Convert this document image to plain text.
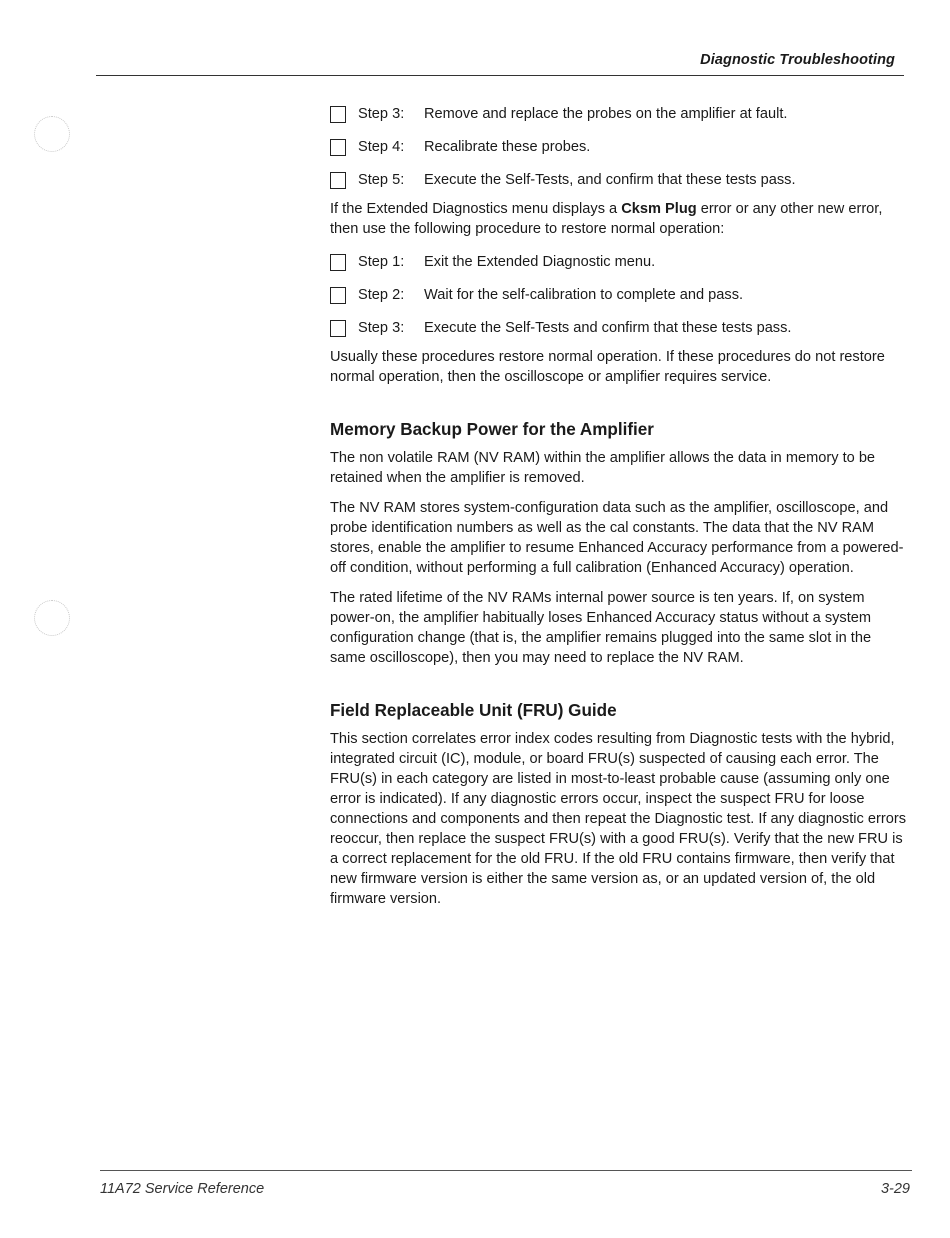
Diagnostic Troubleshooting
Step 3:	Remove and replace the probes on the amplifier at fault.
Step 4:	Recalibrate these probes.
Step 5:	Execute the Self-Tests, and confirm that these tests pass.

If the Extended Diagnostics menu displays a Cksm Plug error or any other new error, then use the following procedure to restore normal operation:

Step 1:	Exit the Extended Diagnostic menu.
Step 2:	Wait for the self-calibration to complete and pass.
Step 3:	Execute the Self-Tests and confirm that these tests pass.

Usually these procedures restore normal operation. If these procedures do not restore normal operation, then the oscilloscope or amplifier requires service.

Memory Backup Power for the Amplifier

The non volatile RAM (NV RAM) within the amplifier allows the data in memory to be retained when the amplifier is removed.

The NV RAM stores system-configuration data such as the amplifier, oscilloscope, and probe identification numbers as well as the cal constants. The data that the NV RAM stores, enable the amplifier to resume Enhanced Accuracy performance from a powered-off condition, without performing a full calibration (Enhanced Accuracy) operation.

The rated lifetime of the NV RAMs internal power source is ten years. If, on system power-on, the amplifier habitually loses Enhanced Accuracy status without a system configuration change (that is, the amplifier remains plugged into the same slot in the same oscilloscope), then you may need to replace the NV RAM.

Field Replaceable Unit (FRU) Guide

This section correlates error index codes resulting from Diagnostic tests with the hybrid, integrated circuit (IC), module, or board FRU(s) suspected of causing each error. The FRU(s) in each category are listed in most-to-least probable cause (assuming only one error is indicated). If any diagnostic errors occur, inspect the suspect FRU for loose connections and components and then repeat the Diagnostic test. If any diagnostic errors reoccur, then replace the suspect FRU(s) with a good FRU(s). Verify that the new FRU is a correct replacement for the old FRU. If the old FRU contains firmware, then verify that new firmware version is either the same version as, or an updated version of, the old firmware version.

11A72 Service Reference	3-29
